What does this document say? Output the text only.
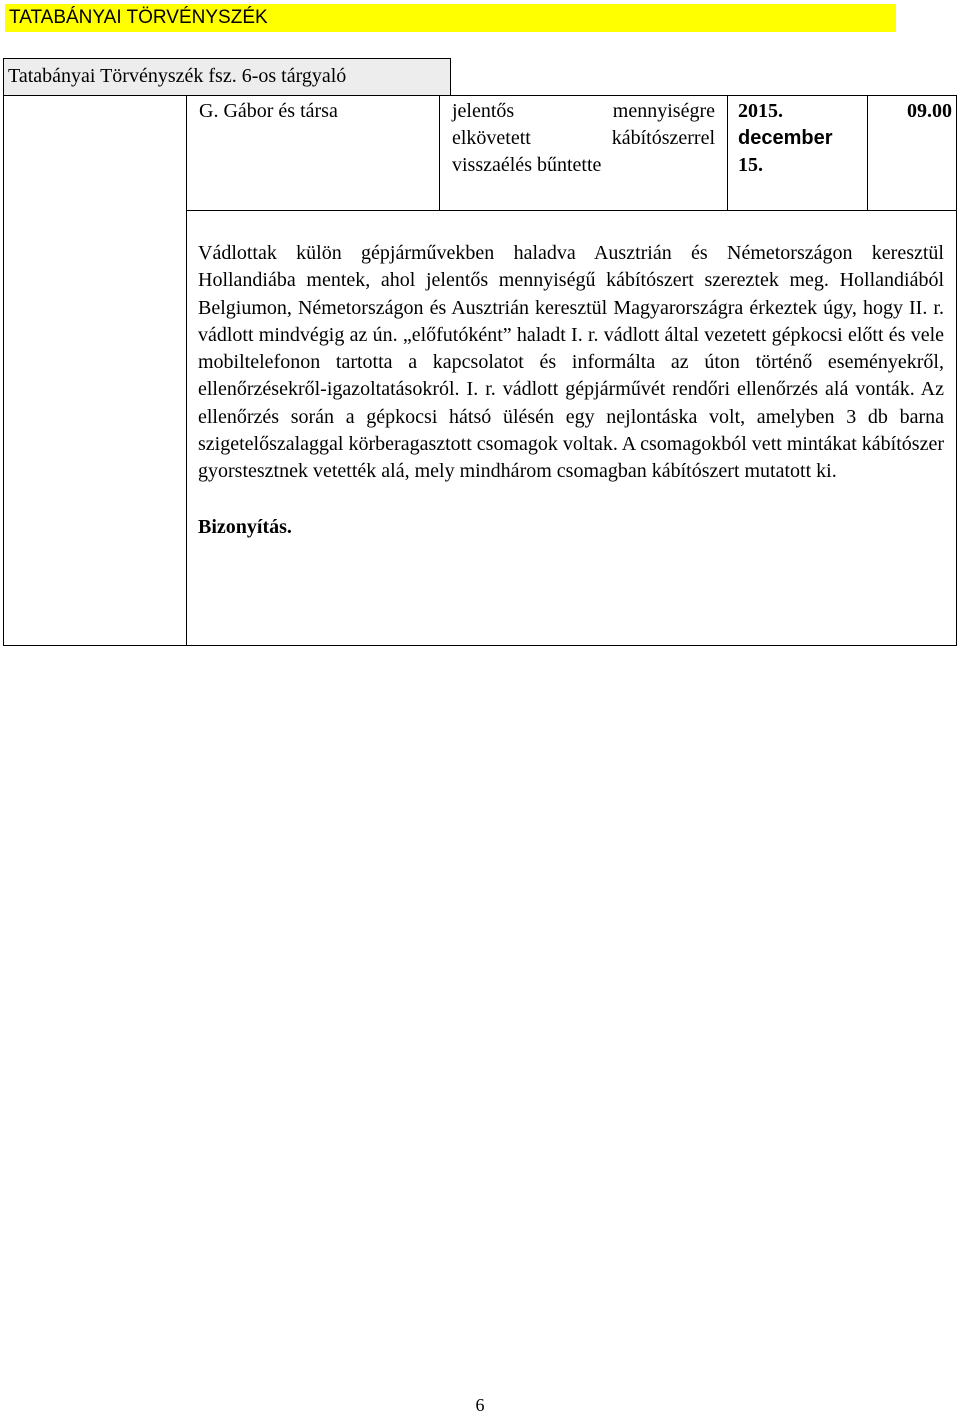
TATABÁNYAI TÖRVÉNYSZÉK
Tatabányai Törvényszék fsz. 6-os tárgyaló
G. Gábor és társa	jelentős mennyiségre
elkövetett kábítószerrel
visszaélés bűntette
2015.
december
15.
09.00

Vádlottak külön gépjárművekben haladva Ausztrián és Németországon keresztül Hollandiába mentek, ahol jelentős mennyiségű kábítószert szereztek meg. Hollandiából Belgiumon, Németországon és Ausztrián keresztül Magyarországra érkeztek úgy, hogy II. r. vádlott mindvégig az ún. „előfutóként” haladt I. r. vádlott által vezetett gépkocsi előtt és vele mobiltelefonon tartotta a kapcsolatot és informálta az úton történő eseményekről, ellenőrzésekről-igazoltatásokról. I. r. vádlott gépjárművét rendőri ellenőrzés alá vonták. Az ellenőrzés során a gépkocsi hátsó ülésén egy nejlontáska volt, amelyben 3 db barna szigetelőszalaggal körberagasztott csomagok voltak. A csomagokból vett mintákat kábítószer gyorstesztnek vetették alá, mely mindhárom csomagban kábítószert mutatott ki.

Bizonyítás.
6
